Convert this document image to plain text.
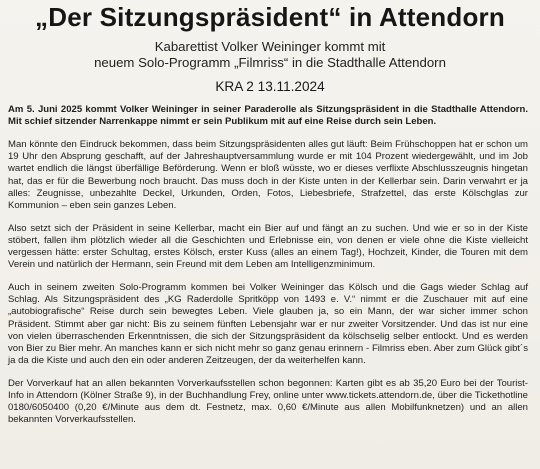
„Der Sitzungspräsident“ in Attendorn
Kabarettist Volker Weininger kommt mit
neuem Solo-Programm „Filmriss“ in die Stadthalle Attendorn
KRA 2 13.11.2024

Am 5. Juni 2025 kommt Volker Weininger in seiner Paraderolle als Sitzungspräsident in die Stadthalle Attendorn. Mit schief sitzender Narrenkappe nimmt er sein Publikum mit auf eine Reise durch sein Leben.

Man könnte den Eindruck bekommen, dass beim Sitzungspräsidenten alles gut läuft: Beim Frühschoppen hat er schon um 19 Uhr den Absprung geschafft, auf der Jahreshauptversammlung wurde er mit 104 Prozent wiedergewählt, und im Job wartet endlich die längst überfällige Beförderung. Wenn er bloß wüsste, wo er dieses verflixte Abschlusszeugnis hingetan hat, das er für die Bewerbung noch braucht. Das muss doch in der Kiste unten in der Kellerbar sein. Darin verwahrt er ja alles: Zeugnisse, unbezahlte Deckel, Urkunden, Orden, Fotos, Liebesbriefe, Strafzettel, das erste Kölschglas zur Kommunion – eben sein ganzes Leben.

Also setzt sich der Präsident in seine Kellerbar, macht ein Bier auf und fängt an zu suchen. Und wie er so in der Kiste stöbert, fallen ihm plötzlich wieder all die Geschichten und Erlebnisse ein, von denen er viele ohne die Kiste vielleicht vergessen hätte: erster Schultag, erstes Kölsch, erster Kuss (alles an einem Tag!), Hochzeit, Kinder, die Touren mit dem Verein und natürlich der Hermann, sein Freund mit dem Leben am Intelligenzminimum.

Auch in seinem zweiten Solo-Programm kommen bei Volker Weininger das Kölsch und die Gags wieder Schlag auf Schlag. Als Sitzungspräsident des „KG Raderdolle Spritköpp von 1493 e. V.“ nimmt er die Zuschauer mit auf eine „autobiografische“ Reise durch sein bewegtes Leben. Viele glauben ja, so ein Mann, der war sicher immer schon Präsident. Stimmt aber gar nicht: Bis zu seinem fünften Lebensjahr war er nur zweiter Vorsitzender. Und das ist nur eine von vielen überraschenden Erkenntnissen, die sich der Sitzungspräsident da kölschselig selber entlockt. Und es werden von Bier zu Bier mehr. An manches kann er sich nicht mehr so ganz genau erinnern - Filmriss eben. Aber zum Glück gibt´s ja da die Kiste und auch den ein oder anderen Zeitzeugen, der da weiterhelfen kann.

Der Vorverkauf hat an allen bekannten Vorverkaufsstellen schon begonnen: Karten gibt es ab 35,20 Euro bei der Tourist-Info in Attendorn (Kölner Straße 9), in der Buchhandlung Frey, online unter www.tickets.attendorn.de, über die Tickethotline 0180/6050400 (0,20 €/Minute aus dem dt. Festnetz, max. 0,60 €/Minute aus allen Mobilfunknetzen) und an allen bekannten Vorverkaufsstellen.
